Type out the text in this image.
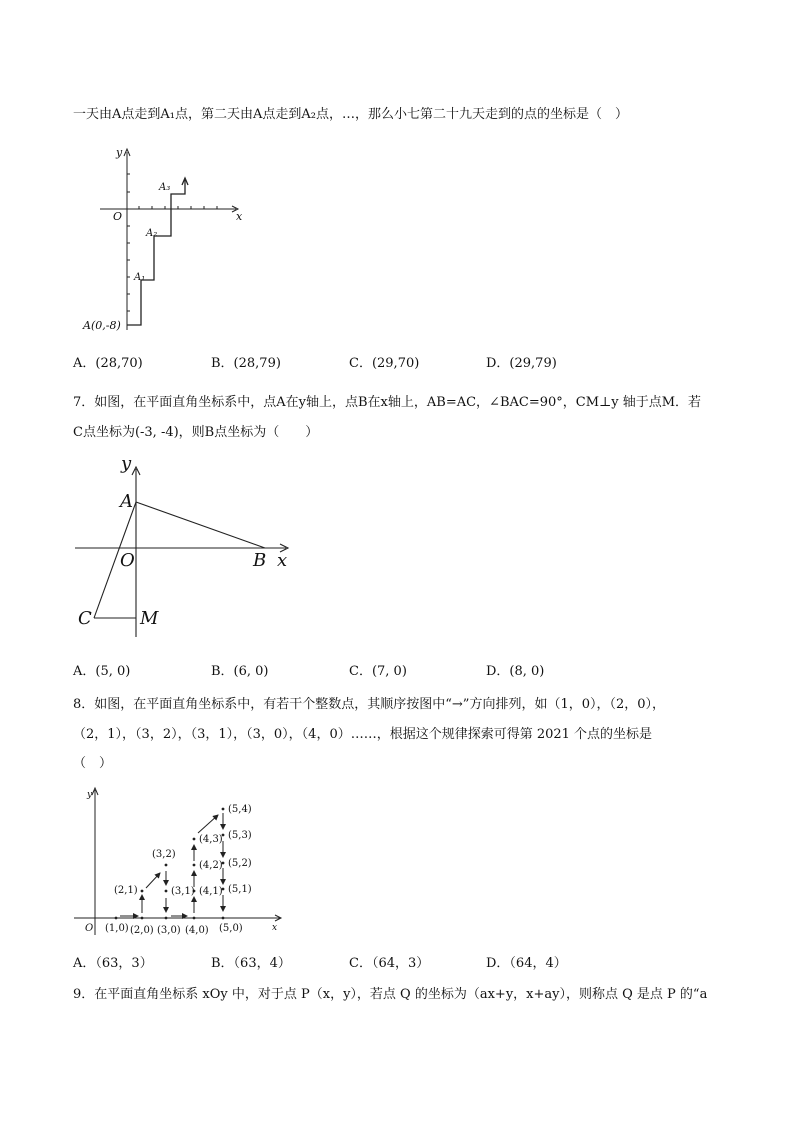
一天由A点走到A₁点，第二天由A点走到A₂点，…，那么小七第二十九天走到的点的坐标是（　）
y
x
O
A₃
A₂
A₁
A(0,-8)
A．(28,70)	B．(28,79)	C．(29,70)	D．(29,79)
7．如图，在平面直角坐标系中，点A在y轴上，点B在x轴上，AB=AC，∠BAC=90°，CM⊥y 轴于点M．若
C点坐标为(-3, -4)，则B点坐标为（　　）
y
x
A
O	B
C	M
A．(5, 0)	B．(6, 0)	C．(7, 0)	D．(8, 0)
8．如图，在平面直角坐标系中，有若干个整数点，其顺序按图中“→”方向排列，如（1，0），（2，0），
（2，1），（3，2），（3，1），（3，0），（4，0）……，根据这个规律探索可得第 2021 个点的坐标是
（　）
y
x
O (1,0) (2,0) (3,0) (4,0) (5,0)
(2,1)
(3,2)
(3,1)
(4,3)
(4,2)
(4,1)
(5,4)
(5,3)
(5,2)
(5,1)
A．（63，3）	B．（63，4）	C．（64，3）	D．（64，4）
9．在平面直角坐标系 xOy 中，对于点 P（x，y），若点 Q 的坐标为（ax+y，x+ay），则称点 Q 是点 P 的“a
